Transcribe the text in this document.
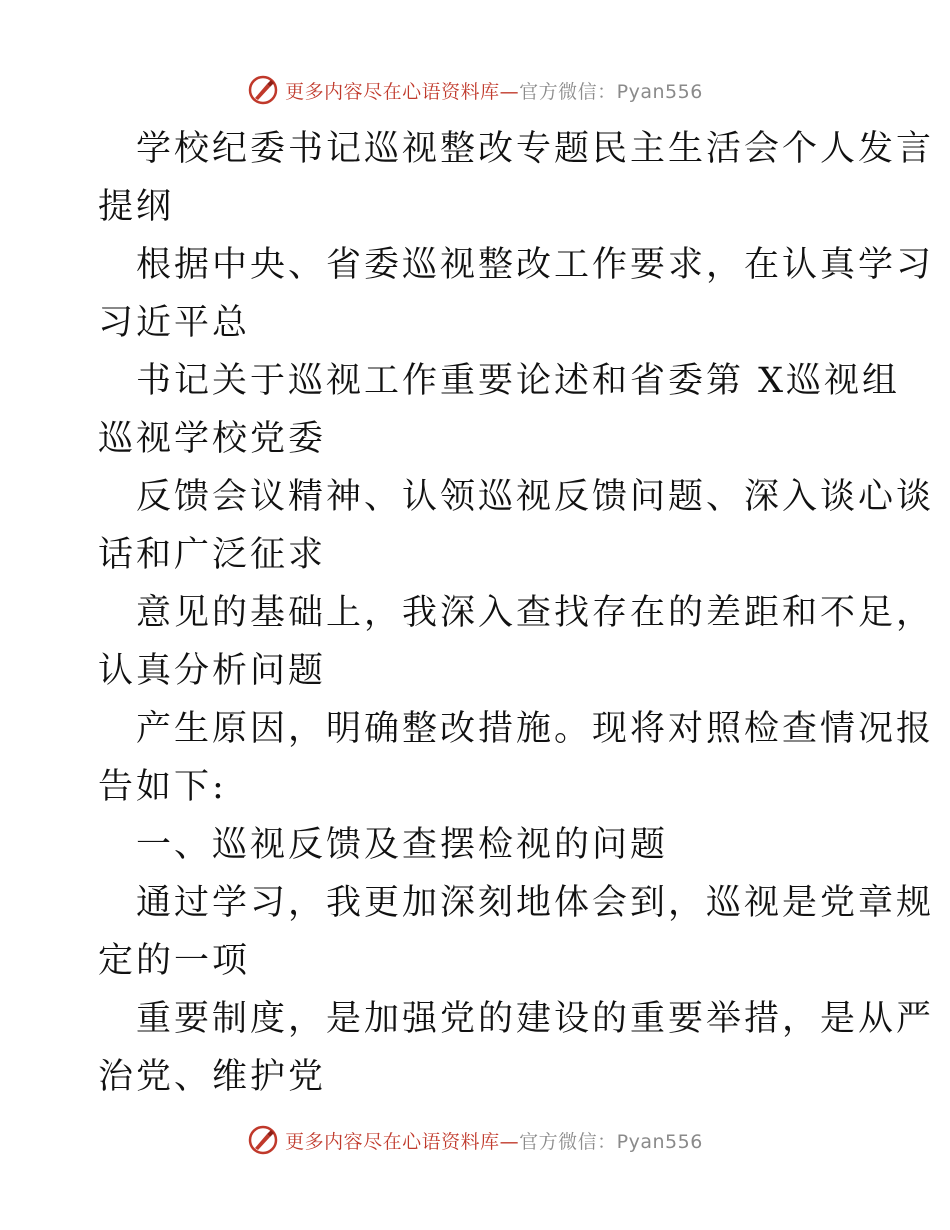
更多内容尽在心语资料库—官方微信：Pyan556
学校纪委书记巡视整改专题民主生活会个人发言
提纲
根据中央、省委巡视整改工作要求，在认真学习
习近平总
书记关于巡视工作重要论述和省委第 X巡视组
巡视学校党委
反馈会议精神、认领巡视反馈问题、深入谈心谈
话和广泛征求
意见的基础上，我深入查找存在的差距和不足，
认真分析问题
产生原因，明确整改措施。现将对照检查情况报
告如下:
一、巡视反馈及查摆检视的问题
通过学习，我更加深刻地体会到，巡视是党章规
定的一项
重要制度，是加强党的建设的重要举措，是从严
治党、维护党
更多内容尽在心语资料库—官方微信：Pyan556
